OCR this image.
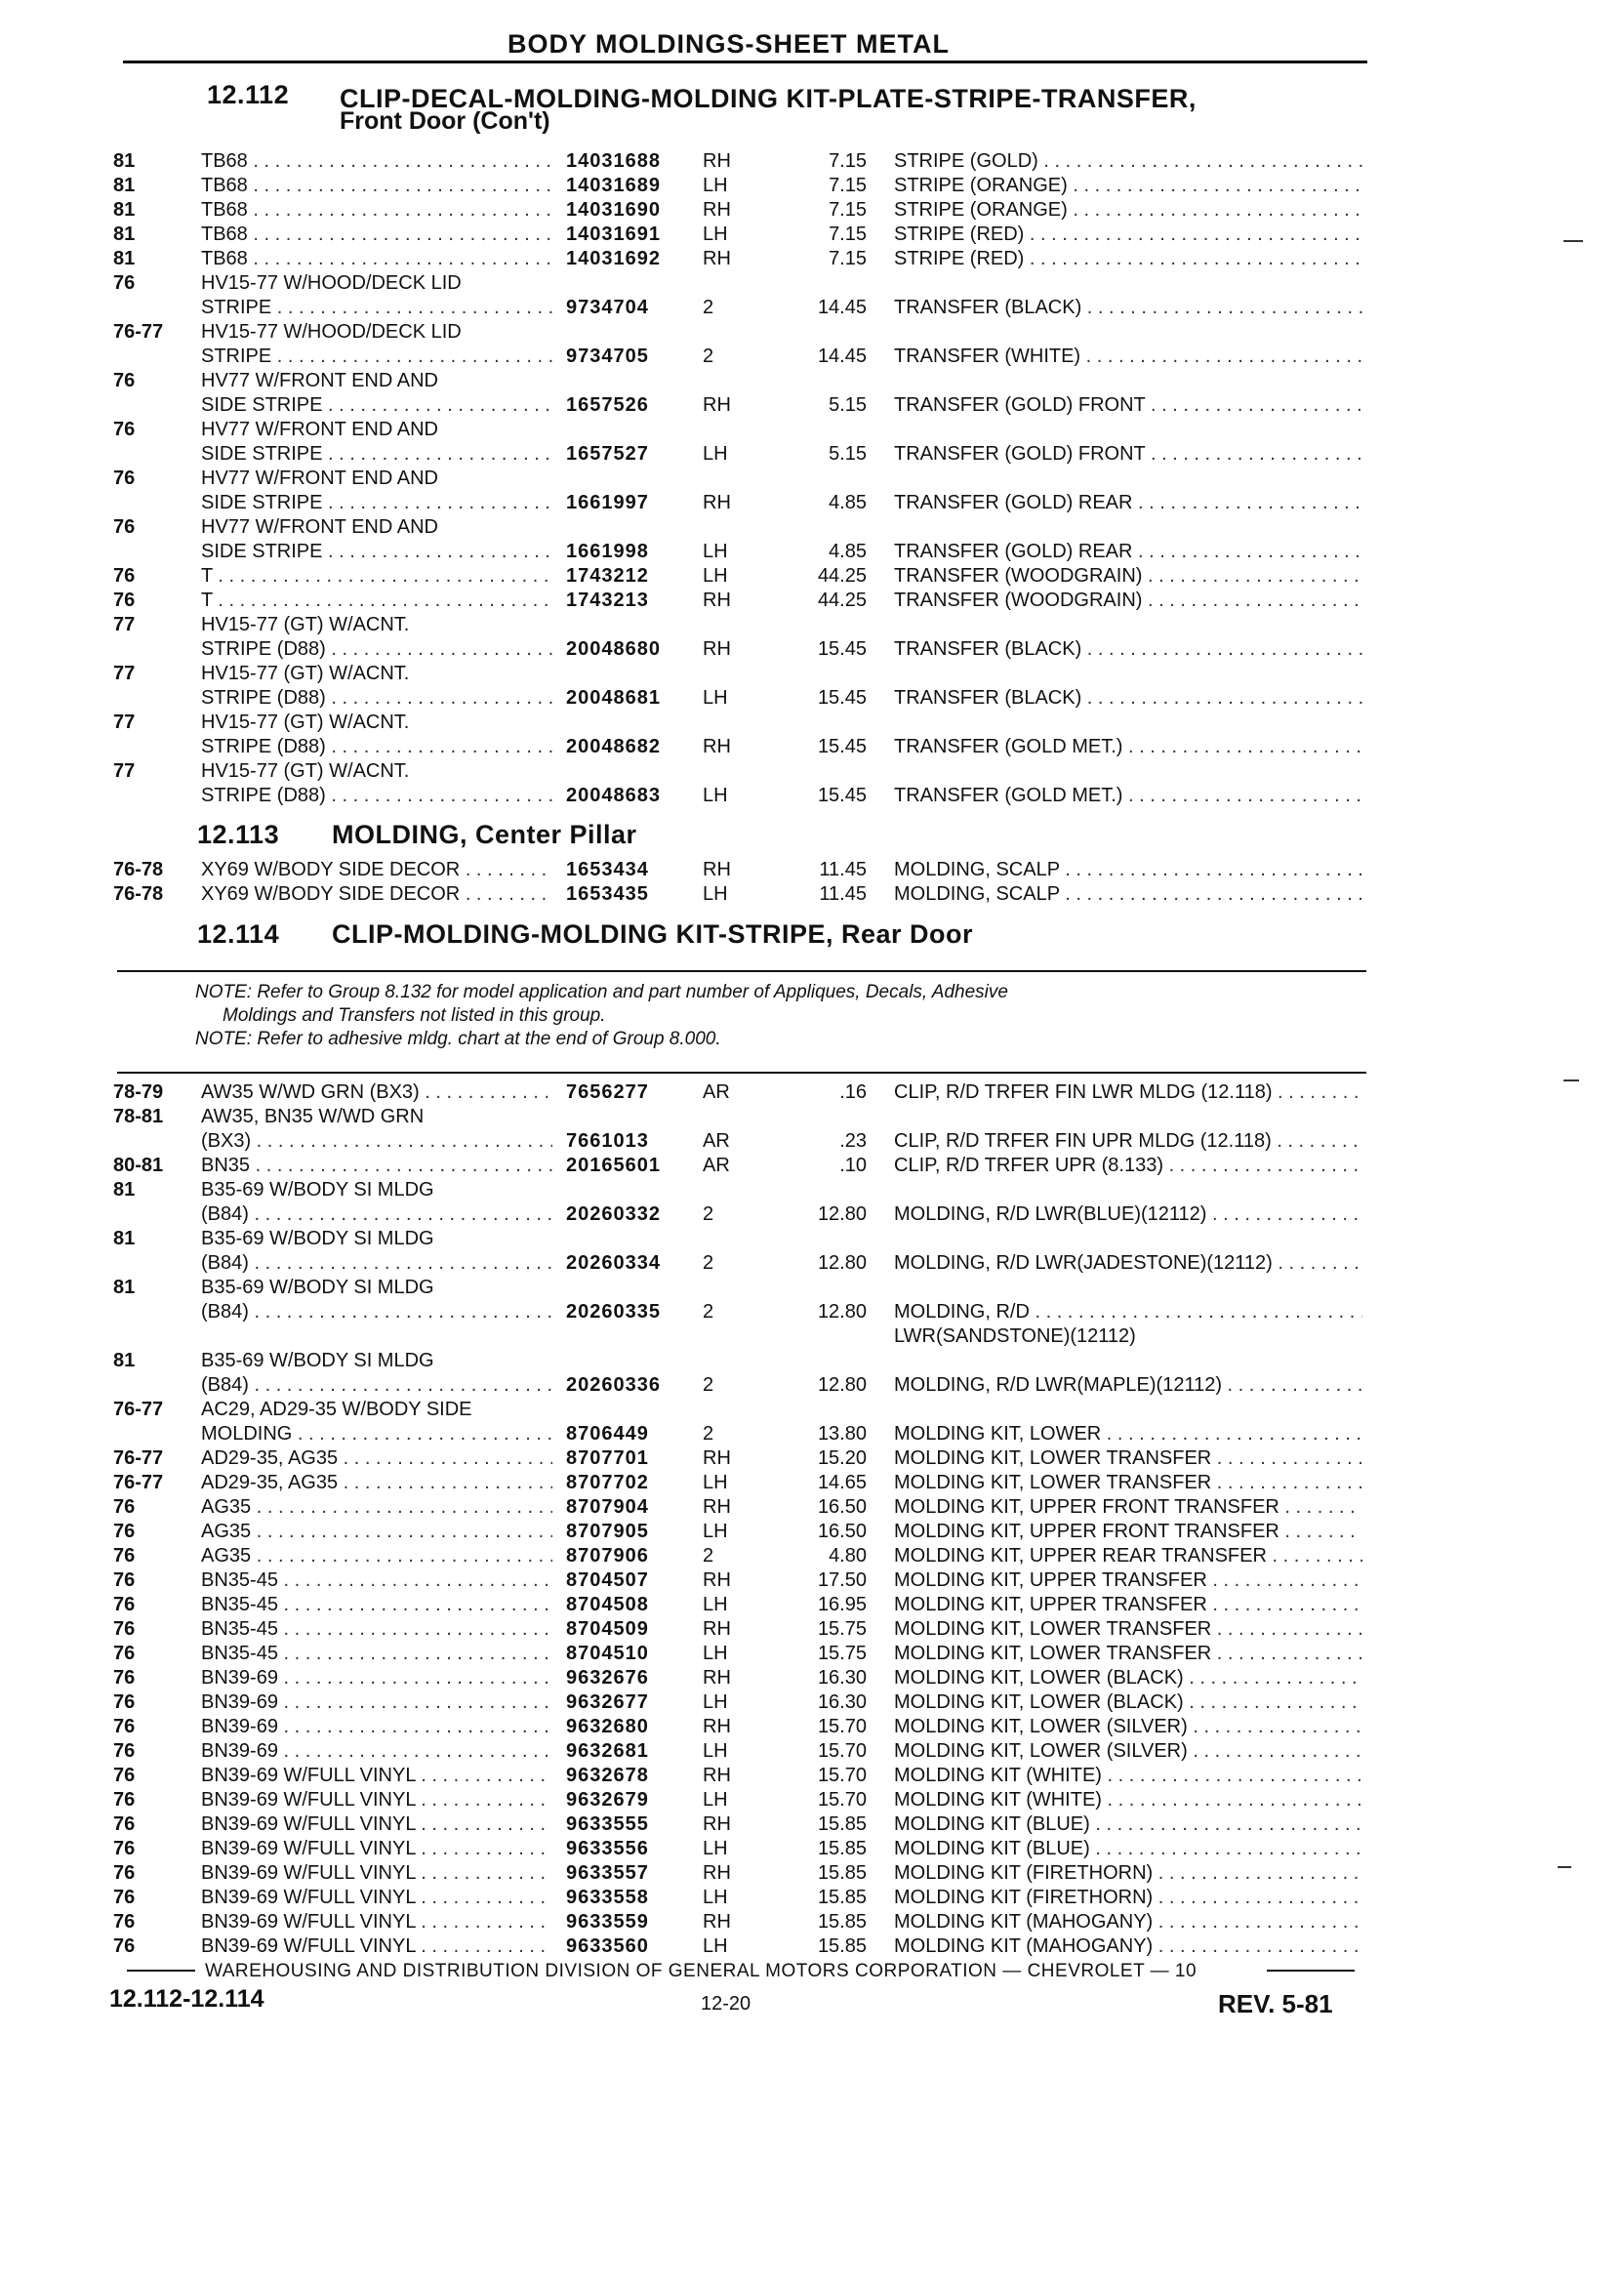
BODY MOLDINGS-SHEET METAL
12.112 CLIP-DECAL-MOLDING-MOLDING KIT-PLATE-STRIPE-TRANSFER,
Front Door (Con't)
81	TB68 . . .	14031688 RH	7.15 STRIPE (GOLD) . . .
81	TB68 . . .	14031689 LH	7.15 STRIPE (ORANGE) . . .
81	TB68 . . .	14031690 RH	7.15 STRIPE (ORANGE) . . .
81	TB68 . . .	14031691 LH	7.15 STRIPE (RED) . . .
81	TB68 . . .	14031692 RH	7.15 STRIPE (RED) . . .
76	HV15-77 W/HOOD/DECK LID
STRIPE . . .	9734704	2	14.45 TRANSFER (BLACK) . . .
76-77 HV15-77 W/HOOD/DECK LID
STRIPE . . .	9734705	2	14.45 TRANSFER (WHITE) . . .
76	HV77 W/FRONT END AND
SIDE STRIPE . . .	1657526	RH	5.15 TRANSFER (GOLD) FRONT . . .
76	HV77 W/FRONT END AND
SIDE STRIPE . . .	1657527	LH	5.15 TRANSFER (GOLD) FRONT . . .
76	HV77 W/FRONT END AND
SIDE STRIPE . . .	1661997	RH	4.85 TRANSFER (GOLD) REAR . . .
76	HV77 W/FRONT END AND
SIDE STRIPE . . .	1661998	LH	4.85 TRANSFER (GOLD) REAR . . .
76	T . . .	1743212	LH	44.25 TRANSFER (WOODGRAIN) . . .
76	T . . .	1743213	RH	44.25 TRANSFER (WOODGRAIN) . . .
77	HV15-77 (GT) W/ACNT.
STRIPE (D88) . . .	20048680 RH	15.45 TRANSFER (BLACK) . . .
77	HV15-77 (GT) W/ACNT.
STRIPE (D88) . . .	20048681 LH	15.45 TRANSFER (BLACK) . . .
77	HV15-77 (GT) W/ACNT.
STRIPE (D88) . . .	20048682 RH	15.45 TRANSFER (GOLD MET.) . . .
77	HV15-77 (GT) W/ACNT.
STRIPE (D88) . . .	20048683 LH	15.45 TRANSFER (GOLD MET.) . . .
12.113 MOLDING, Center Pillar
76-78 XY69 W/BODY SIDE DECOR . . .	1653434	RH	11.45 MOLDING, SCALP . . .
76-78 XY69 W/BODY SIDE DECOR . . .	1653435	LH	11.45 MOLDING, SCALP . . .
12.114 CLIP-MOLDING-MOLDING KIT-STRIPE, Rear Door
NOTE: Refer to Group 8.132 for model application and part number of Appliques, Decals, Adhesive
Moldings and Transfers not listed in this group.
NOTE: Refer to adhesive mldg. chart at the end of Group 8.000.
78-79 AW35 W/WD GRN (BX3) . . .	7656277	AR	.16 CLIP, R/D TRFER FIN LWR MLDG (12.118) . . .
78-81 AW35, BN35 W/WD GRN
(BX3) . . .	7661013	AR	.23 CLIP, R/D TRFER FIN UPR MLDG (12.118) . . .
80-81 BN35 . . .	20165601 AR	.10 CLIP, R/D TRFER UPR (8.133) . . .
81	B35-69 W/BODY SI MLDG
(B84) . . .	20260332 2	12.80 MOLDING, R/D LWR(BLUE)(12112) . . .
81	B35-69 W/BODY SI MLDG
(B84) . . .	20260334 2	12.80 MOLDING, R/D LWR(JADESTONE)(12112) . . .
81	B35-69 W/BODY SI MLDG
(B84) . . .	20260335 2	12.80 MOLDING, R/D . . .
LWR(SANDSTONE)(12112)
81	B35-69 W/BODY SI MLDG
(B84) . . .	20260336 2	12.80 MOLDING, R/D LWR(MAPLE)(12112) . . .
76-77 AC29, AD29-35 W/BODY SIDE
MOLDING . . .	8706449	2	13.80 MOLDING KIT, LOWER . . .
76-77 AD29-35, AG35 . . .	8707701	RH	15.20 MOLDING KIT, LOWER TRANSFER . . .
76-77 AD29-35, AG35 . . .	8707702	LH	14.65 MOLDING KIT, LOWER TRANSFER . . .
76	AG35 . . .	8707904	RH	16.50 MOLDING KIT, UPPER FRONT TRANSFER . . .
76	AG35 . . .	8707905	LH	16.50 MOLDING KIT, UPPER FRONT TRANSFER . . .
76	AG35 . . .	8707906	2	4.80 MOLDING KIT, UPPER REAR TRANSFER . . .
76	BN35-45 . . .	8704507	RH	17.50 MOLDING KIT, UPPER TRANSFER . . .
76	BN35-45 . . .	8704508	LH	16.95 MOLDING KIT, UPPER TRANSFER . . .
76	BN35-45 . . .	8704509	RH	15.75 MOLDING KIT, LOWER TRANSFER . . .
76	BN35-45 . . .	8704510	LH	15.75 MOLDING KIT, LOWER TRANSFER . . .
76	BN39-69 . . .	9632676	RH	16.30 MOLDING KIT, LOWER (BLACK) . . .
76	BN39-69 . . .	9632677	LH	16.30 MOLDING KIT, LOWER (BLACK) . . .
76	BN39-69 . . .	9632680	RH	15.70 MOLDING KIT, LOWER (SILVER) . . .
76	BN39-69 . . .	9632681	LH	15.70 MOLDING KIT, LOWER (SILVER) . . .
76	BN39-69 W/FULL VINYL . . .	9632678	RH	15.70 MOLDING KIT (WHITE) . . .
76	BN39-69 W/FULL VINYL . . .	9632679	LH	15.70 MOLDING KIT (WHITE) . . .
76	BN39-69 W/FULL VINYL . . .	9633555	RH	15.85 MOLDING KIT (BLUE) . . .
76	BN39-69 W/FULL VINYL . . .	9633556	LH	15.85 MOLDING KIT (BLUE) . . .
76	BN39-69 W/FULL VINYL . . .	9633557	RH	15.85 MOLDING KIT (FIRETHORN) . . .
76	BN39-69 W/FULL VINYL . . .	9633558	LH	15.85 MOLDING KIT (FIRETHORN) . . .
76	BN39-69 W/FULL VINYL . . .	9633559	RH	15.85 MOLDING KIT (MAHOGANY) . . .
76	BN39-69 W/FULL VINYL . . .	9633560	LH	15.85 MOLDING KIT (MAHOGANY) . . .
WAREHOUSING AND DISTRIBUTION DIVISION OF GENERAL MOTORS CORPORATION — CHEVROLET — 10
12.112-12.114	12-20	REV. 5-81
